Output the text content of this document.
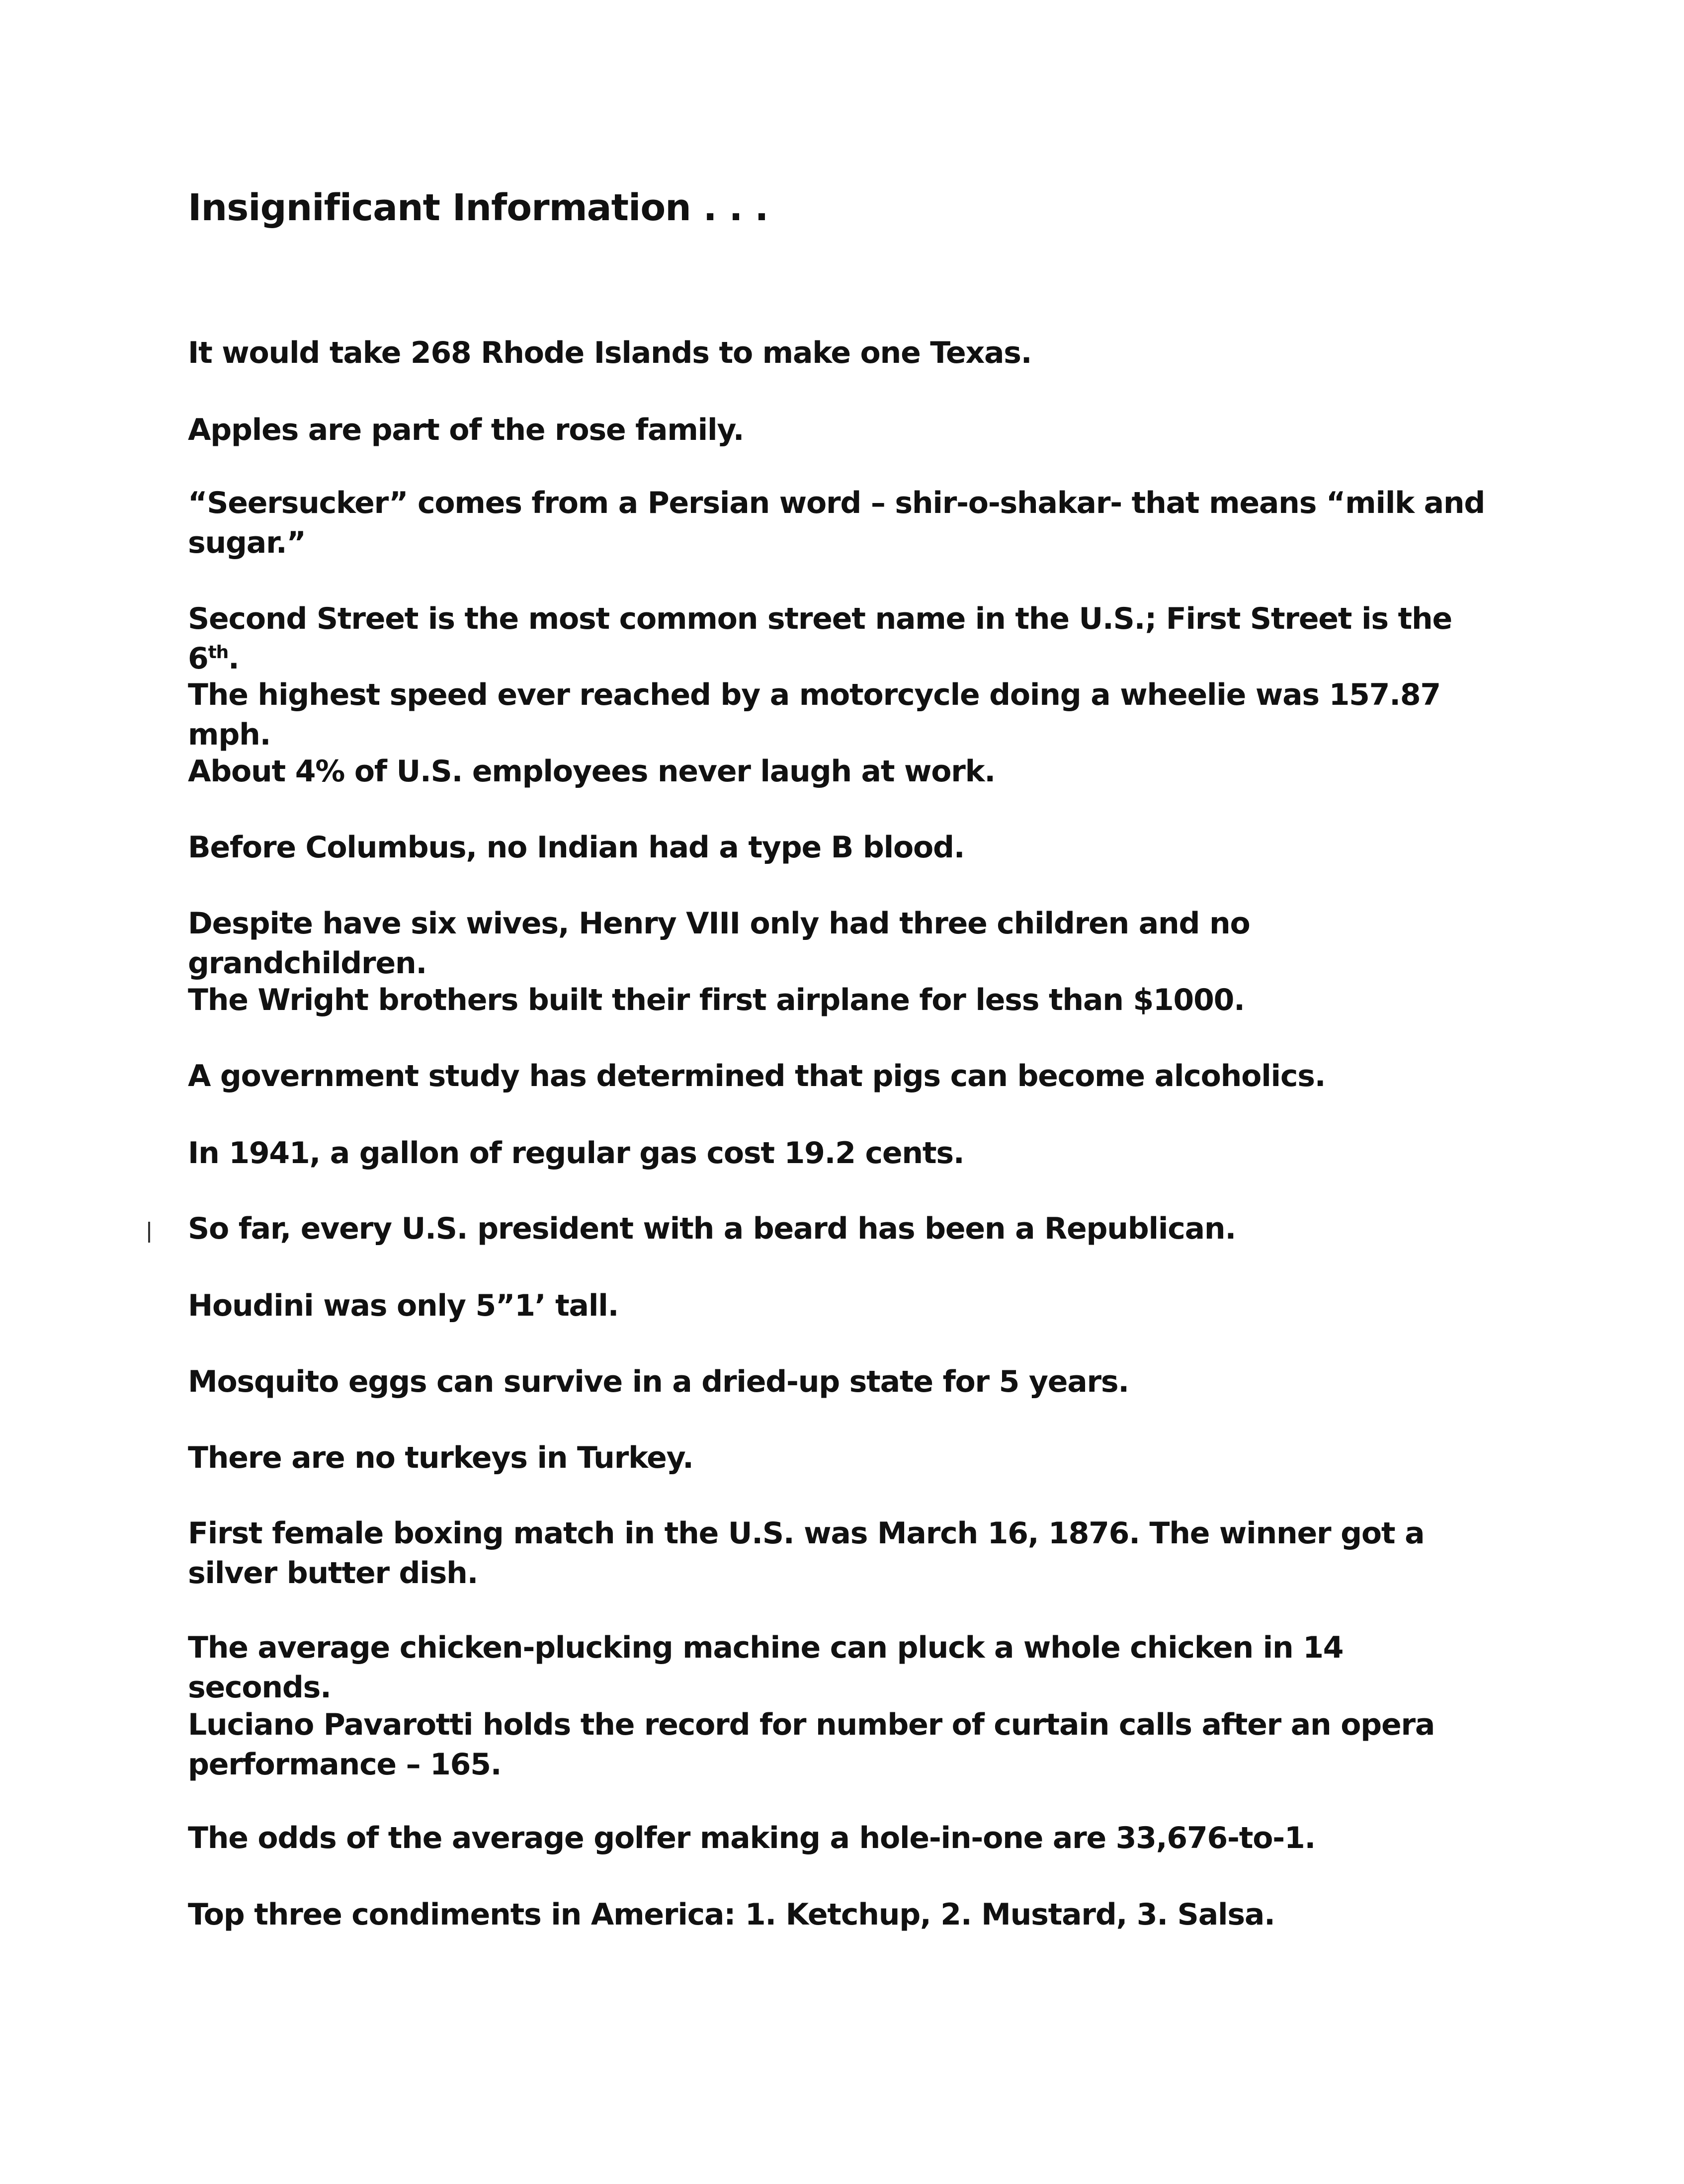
Insignificant Information . . .
It would take 268 Rhode Islands to make one Texas.
Apples are part of the rose family.
“Seersucker” comes from a Persian word – shir-o-shakar- that means “milk and sugar.”
Second Street is the most common street name in the U.S.; First Street is the 6th.
The highest speed ever reached by a motorcycle doing a wheelie was 157.87 mph.
About 4% of U.S. employees never laugh at work.
Before Columbus, no Indian had a type B blood.
Despite have six wives, Henry VIII only had three children and no grandchildren.
The Wright brothers built their first airplane for less than $1000.
A government study has determined that pigs can become alcoholics.
In 1941, a gallon of regular gas cost 19.2 cents.
So far, every U.S. president with a beard has been a Republican.
Houdini was only 5”1’ tall.
Mosquito eggs can survive in a dried-up state for 5 years.
There are no turkeys in Turkey.
First female boxing match in the U.S. was March 16, 1876. The winner got a silver butter dish.
The average chicken-plucking machine can pluck a whole chicken in 14 seconds.
Luciano Pavarotti holds the record for number of curtain calls after an opera performance – 165.
The odds of the average golfer making a hole-in-one are 33,676-to-1.
Top three condiments in America: 1. Ketchup, 2. Mustard, 3. Salsa.
